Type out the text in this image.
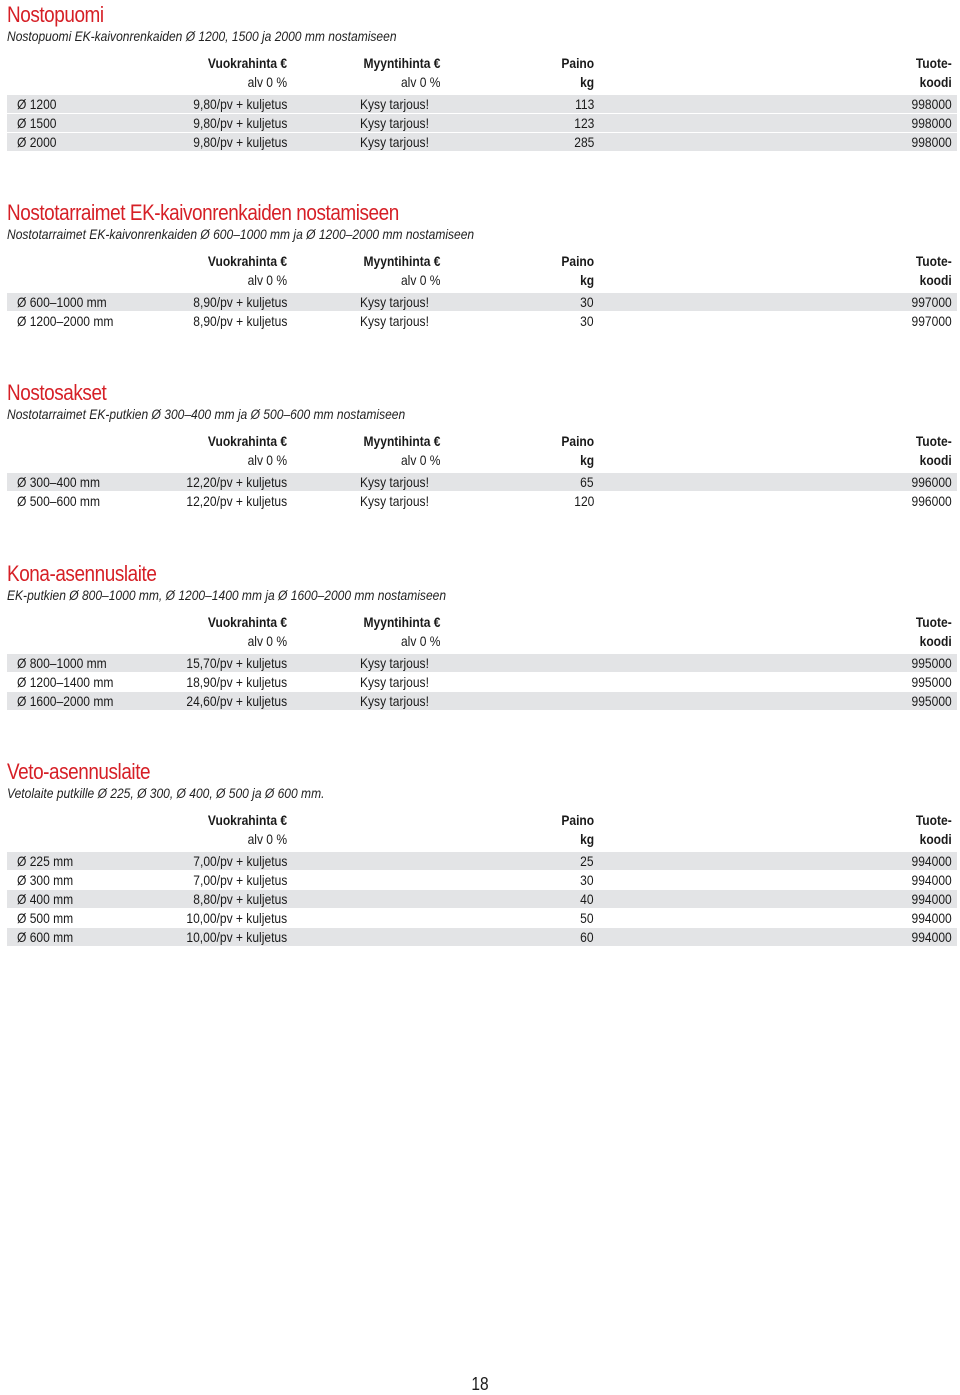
Nostopuomi
Nostopuomi EK-kaivonrenkaiden Ø 1200, 1500 ja 2000 mm nostamiseen
Vuokrahinta €
alv 0 %
Myyntihinta €
alv 0 %
Paino
kg
Tuote-
koodi
Ø 1200	9,80/pv + kuljetus	Kysy tarjous!	113	998000
Ø 1500	9,80/pv + kuljetus	Kysy tarjous!	123	998000
Ø 2000	9,80/pv + kuljetus	Kysy tarjous!	285	998000
Nostotarraimet EK-kaivonrenkaiden nostamiseen
Nostotarraimet EK-kaivonrenkaiden Ø 600–1000 mm ja Ø 1200–2000 mm nostamiseen
Vuokrahinta €
alv 0 %
Myyntihinta €
alv 0 %
Paino
kg
Tuote-
koodi
Ø 600–1000 mm	8,90/pv + kuljetus	Kysy tarjous!	30	997000
Ø 1200–2000 mm	8,90/pv + kuljetus	Kysy tarjous!	30	997000
Nostosakset
Nostotarraimet EK-putkien Ø 300–400 mm ja Ø 500–600 mm nostamiseen
Vuokrahinta €
alv 0 %
Myyntihinta €
alv 0 %
Paino
kg
Tuote-
koodi
Ø 300–400 mm	12,20/pv + kuljetus	Kysy tarjous!	65	996000
Ø 500–600 mm	12,20/pv + kuljetus	Kysy tarjous!	120	996000
Kona-asennuslaite
EK-putkien Ø 800–1000 mm, Ø 1200–1400 mm ja Ø 1600–2000 mm nostamiseen
Vuokrahinta €
alv 0 %
Myyntihinta €
alv 0 %
Tuote-
koodi
Ø 800–1000 mm	15,70/pv + kuljetus	Kysy tarjous!	995000
Ø 1200–1400 mm	18,90/pv + kuljetus	Kysy tarjous!	995000
Ø 1600–2000 mm	24,60/pv + kuljetus	Kysy tarjous!	995000
Veto-asennuslaite
Vetolaite putkille Ø 225, Ø 300, Ø 400, Ø 500 ja Ø 600 mm.
Vuokrahinta €
alv 0 %
Paino
kg
Tuote-
koodi
Ø 225 mm	7,00/pv + kuljetus	25	994000
Ø 300 mm	7,00/pv + kuljetus	30	994000
Ø 400 mm	8,80/pv + kuljetus	40	994000
Ø 500 mm	10,00/pv + kuljetus	50	994000
Ø 600 mm	10,00/pv + kuljetus	60	994000
18
